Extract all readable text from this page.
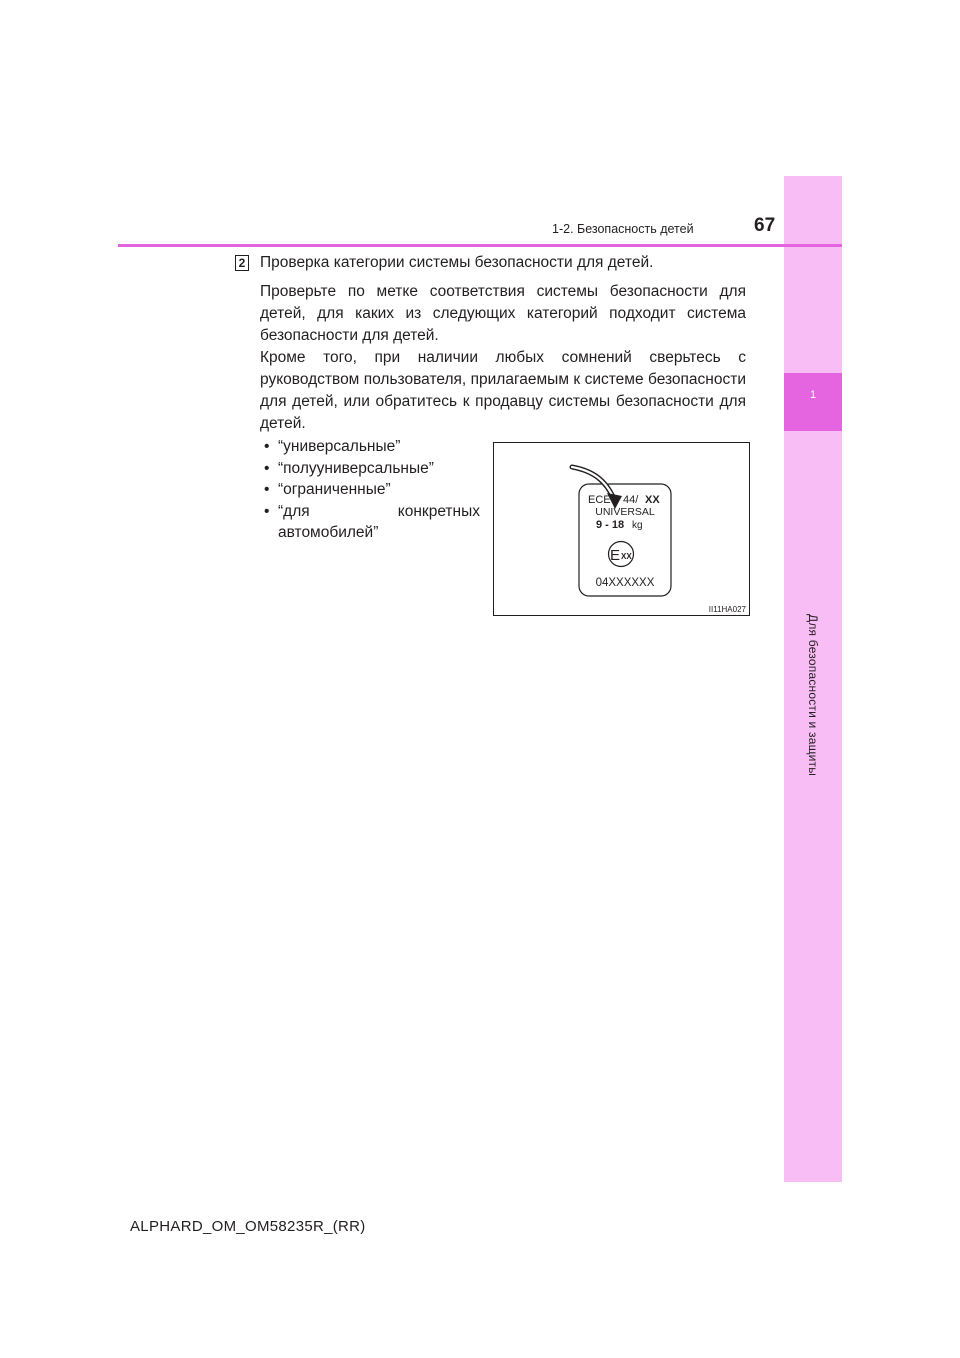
1
Для безопасности и защиты
1-2. Безопасность детей	67
2 Проверка категории системы безопасности для детей.
Проверьте по метке соответствия системы безопасности для детей, для каких из следующих категорий подходит система безопасности для детей.
Кроме того, при наличии любых сомнений сверьтесь с руководством пользователя, прилагаемым к системе безопасности для детей, или обратитесь к продавцу системы безопасности для детей.
• “универсальные”
• “полууниверсальные”
• “ограниченные”
• “для конкретных автомобилей”
ECE 44/ XX
UNIVERSAL
9 - 18 kg
E XX
04XXXXXX
II11HA027
ALPHARD_OM_OM58235R_(RR)
